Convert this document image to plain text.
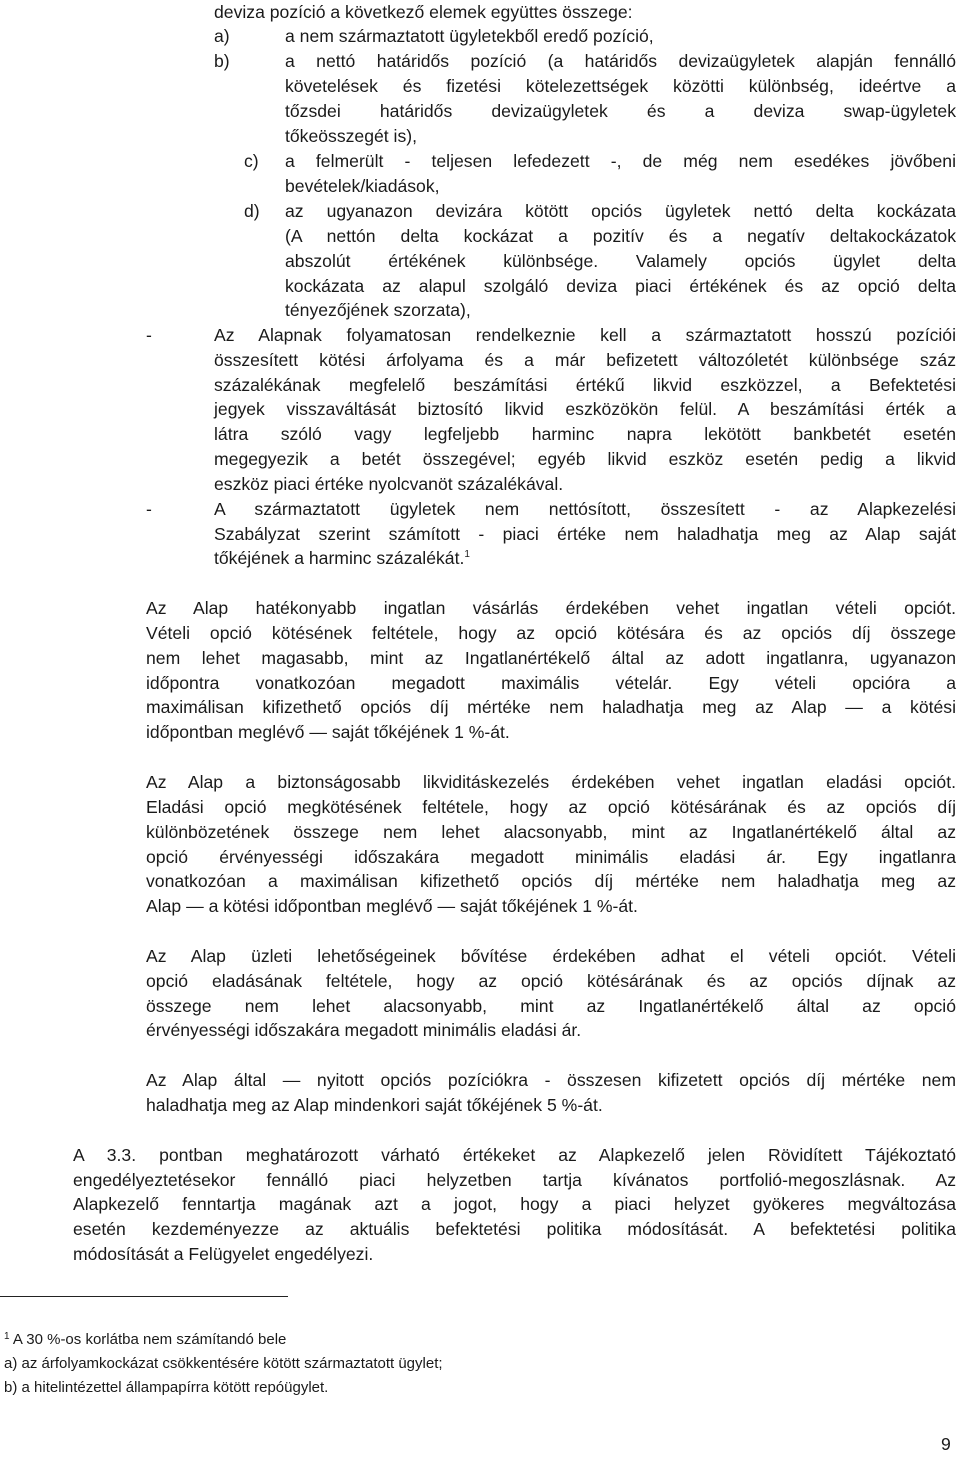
deviza pozíció a következő elemek együttes összege:
a)	a nem származtatott ügyletekből eredő pozíció,
b)	a nettó határidős pozíció (a határidős devizaügyletek alapján fennálló
követelések és fizetési kötelezettségek közötti különbség, ideértve a
tőzsdei határidős devizaügyletek és a deviza swap-ügyletek
tőkeösszegét is),
c) a felmerült - teljesen lefedezett -, de még nem esedékes jövőbeni
bevételek/kiadások,
d) az ugyanazon devizára kötött opciós ügyletek nettó delta kockázata
(A nettón delta kockázat a pozitív és a negatív deltakockázatok
abszolút értékének különbsége. Valamely opciós ügylet delta
kockázata az alapul szolgáló deviza piaci értékének és az opció delta
tényezőjének szorzata),
-	Az Alapnak folyamatosan rendelkeznie kell a származtatott hosszú pozíciói
összesített kötési árfolyama és a már befizetett változóletét különbsége száz
százalékának megfelelő beszámítási értékű likvid eszközzel, a Befektetési
jegyek visszaváltását biztosító likvid eszközökön felül. A beszámítási érték a
látra szóló vagy legfeljebb harminc napra lekötött bankbetét esetén
megegyezik a betét összegével; egyéb likvid eszköz esetén pedig a likvid
eszköz piaci értéke nyolcvanöt százalékával.
-	A származtatott ügyletek nem nettósított, összesített - az Alapkezelési
Szabályzat szerint számított - piaci értéke nem haladhatja meg az Alap saját
tőkéjének a harminc százalékát.$^1$
Az Alap hatékonyabb ingatlan vásárlás érdekében vehet ingatlan vételi opciót.
Vételi opció kötésének feltétele, hogy az opció kötésára és az opciós díj összege
nem lehet magasabb, mint az Ingatlanértékelő által az adott ingatlanra, ugyanazon
időpontra vonatkozóan megadott maximális vételár. Egy vételi opcióra a
maximálisan kifizethető opciós díj mértéke nem haladhatja meg az Alap — a kötési
időpontban meglévő — saját tőkéjének 1 %-át.
Az Alap a biztonságosabb likviditáskezelés érdekében vehet ingatlan eladási opciót.
Eladási opció megkötésének feltétele, hogy az opció kötésárának és az opciós díj
különbözetének összege nem lehet alacsonyabb, mint az Ingatlanértékelő által az
opció érvényességi időszakára megadott minimális eladási ár. Egy ingatlanra
vonatkozóan a maximálisan kifizethető opciós díj mértéke nem haladhatja meg az
Alap — a kötési időpontban meglévő — saját tőkéjének 1 %-át.
Az Alap üzleti lehetőségeinek bővítése érdekében adhat el vételi opciót. Vételi
opció eladásának feltétele, hogy az opció kötésárának és az opciós díjnak az
összege nem lehet alacsonyabb, mint az Ingatlanértékelő által az opció
érvényességi időszakára megadott minimális eladási ár.
Az Alap által — nyitott opciós pozíciókra - összesen kifizetett opciós díj mértéke nem
haladhatja meg az Alap mindenkori saját tőkéjének 5 %-át.
A 3.3. pontban meghatározott várható értékeket az Alapkezelő jelen Rövidített Tájékoztató
engedélyeztetésekor fennálló piaci helyzetben tartja kívánatos portfolió-megoszlásnak. Az
Alapkezelő fenntartja magának azt a jogot, hogy a piaci helyzet gyökeres megváltozása
esetén kezdeményezze az aktuális befektetési politika módosítását. A befektetési politika
módosítását a Felügyelet engedélyezi.
$^1$ A 30 %-os korlátba nem számítandó bele
a) az árfolyamkockázat csökkentésére kötött származtatott ügylet;
b) a hitelintézettel állampapírra kötött repóügylet.
9
